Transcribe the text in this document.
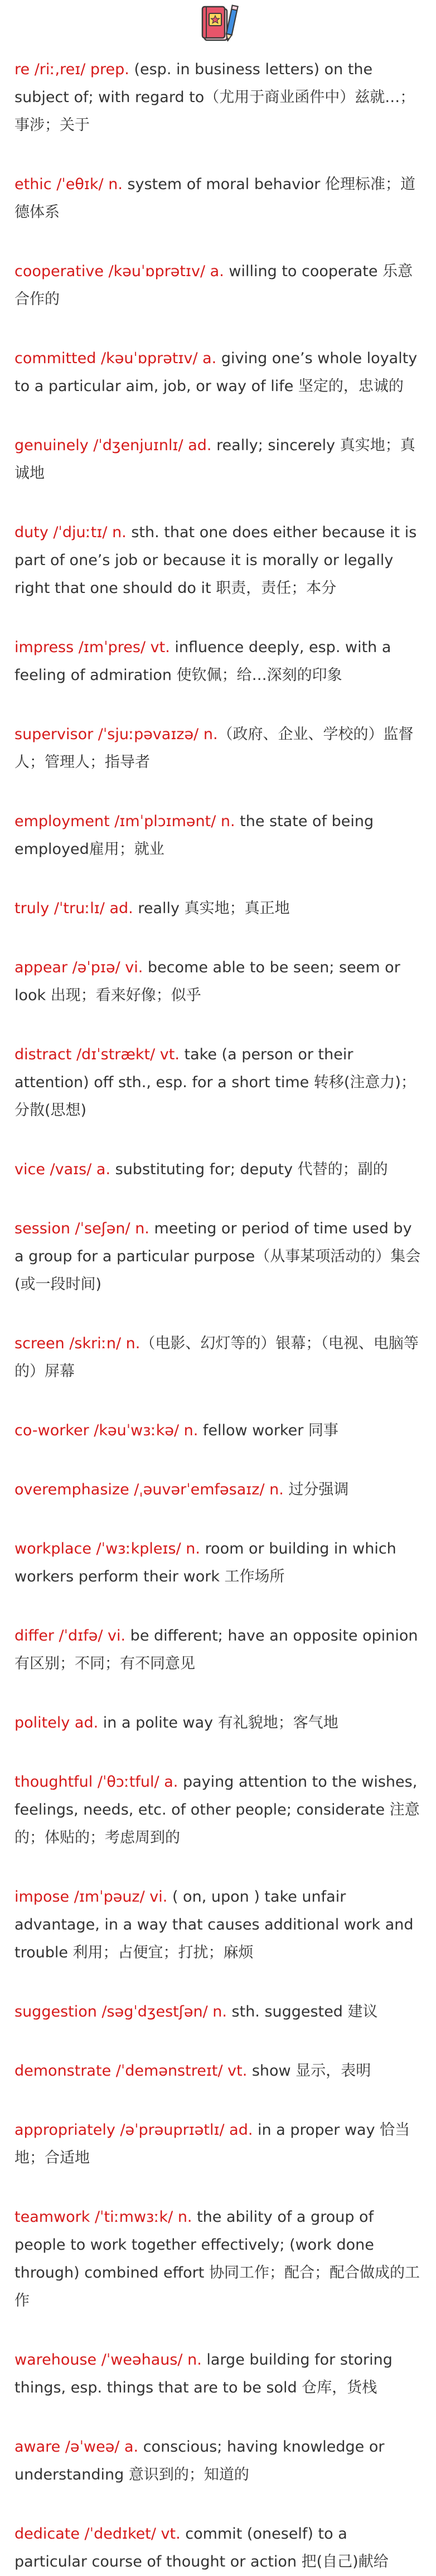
re /riː,reɪ/ prep. (esp. in business letters) on the subject of; with regard to（尤用于商业函件中）兹就…；事涉；关于

ethic /ˈeθɪk/ n. system of moral behavior 伦理标准；道德体系

cooperative /kəuˈɒprətɪv/ a. willing to cooperate 乐意合作的

committed /kəuˈɒprətɪv/ a. giving one’s whole loyalty to a particular aim, job, or way of life 坚定的，忠诚的

genuinely /ˈdʒenjuɪnlɪ/ ad. really; sincerely 真实地；真诚地

duty /ˈdjuːtɪ/ n. sth. that one does either because it is part of one’s job or because it is morally or legally right that one should do it 职责，责任；本分

impress /ɪmˈpres/ vt. influence deeply, esp. with a feeling of admiration 使钦佩；给…深刻的印象

supervisor /ˈsjuːpəvaɪzə/ n.（政府、企业、学校的）监督人；管理人；指导者

employment /ɪmˈplɔɪmənt/ n. the state of being employed雇用；就业

truly /ˈtruːlɪ/ ad. really 真实地；真正地

appear /əˈpɪə/ vi. become able to be seen; seem or look 出现；看来好像；似乎

distract /dɪˈstrækt/ vt. take (a person or their attention) off sth., esp. for a short time 转移(注意力)；分散(思想)

vice /vaɪs/ a. substituting for; deputy 代替的；副的

session /ˈseʃən/ n. meeting or period of time used by a group for a particular purpose（从事某项活动的）集会(或一段时间)

screen /skriːn/ n.（电影、幻灯等的）银幕；（电视、电脑等的）屏幕

co-worker /kəuˈwɜːkə/ n. fellow worker 同事

overemphasize /ˌəuvərˈemfəsaɪz/ n. 过分强调

workplace /ˈwɜːkpleɪs/ n. room or building in which workers perform their work 工作场所

differ /ˈdɪfə/ vi. be different; have an opposite opinion 有区别；不同；有不同意见

politely ad. in a polite way 有礼貌地；客气地

thoughtful /ˈθɔːtful/ a. paying attention to the wishes, feelings, needs, etc. of other people; considerate 注意的；体贴的；考虑周到的

impose /ɪmˈpəuz/ vi. ( on, upon ) take unfair advantage, in a way that causes additional work and trouble 利用；占便宜；打扰；麻烦

suggestion /səgˈdʒestʃən/ n. sth. suggested 建议

demonstrate /ˈdemənstreɪt/ vt. show 显示，表明

appropriately /əˈprəuprɪətlɪ/ ad. in a proper way 恰当地；合适地

teamwork /ˈtiːmwɜːk/ n. the ability of a group of people to work together effectively; (work done through) combined effort 协同工作；配合；配合做成的工作

warehouse /ˈweəhaus/ n. large building for storing things, esp. things that are to be sold 仓库，货栈

aware /əˈweə/ a. conscious; having knowledge or understanding 意识到的；知道的

dedicate /ˈdedɪket/ vt. commit (oneself) to a particular course of thought or action 把(自己)献给
